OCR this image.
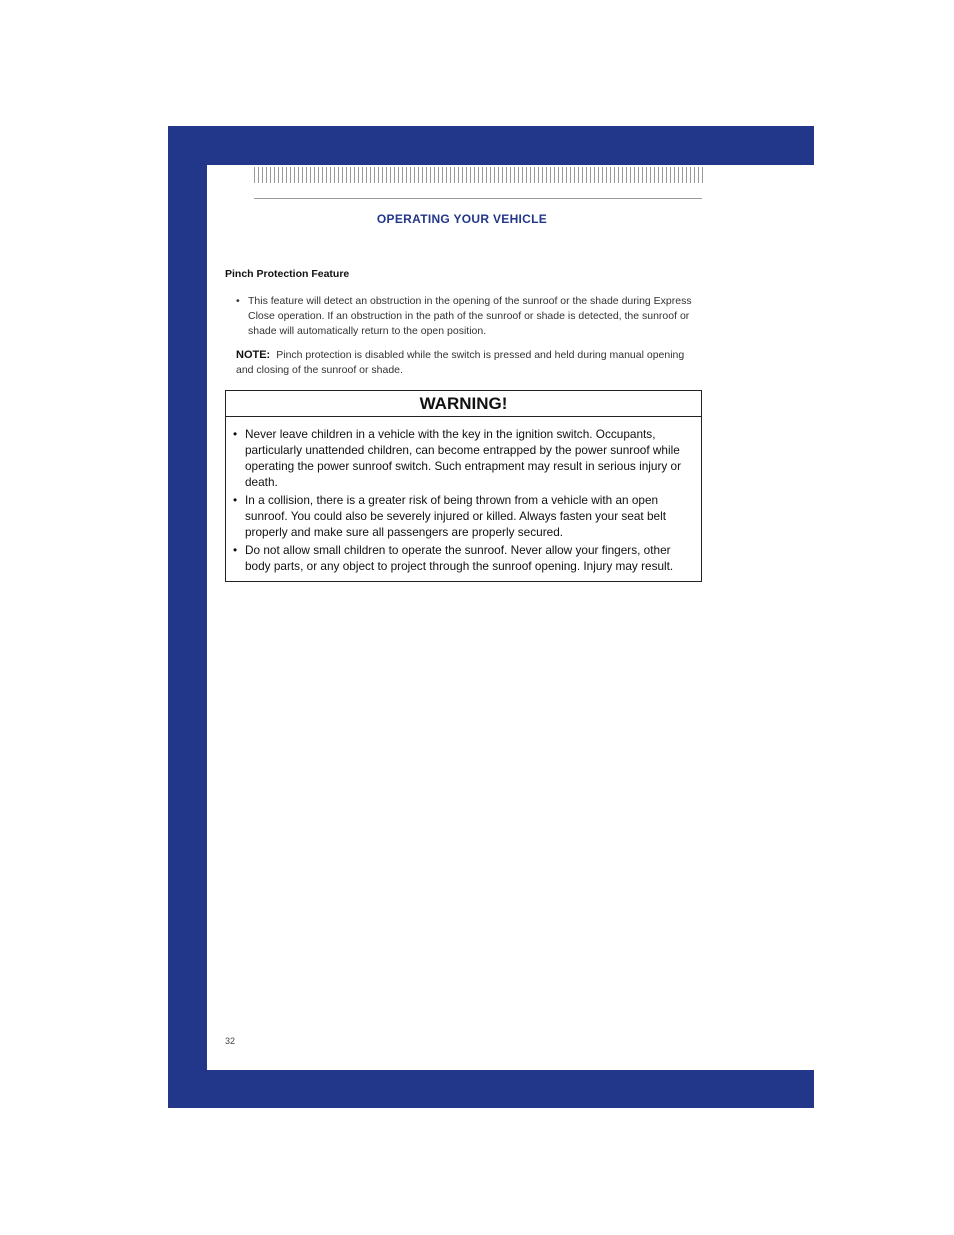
OPERATING YOUR VEHICLE
Pinch Protection Feature
• This feature will detect an obstruction in the opening of the sunroof or the shade during Express Close operation. If an obstruction in the path of the sunroof or shade is detected, the sunroof or shade will automatically return to the open position.
NOTE: Pinch protection is disabled while the switch is pressed and held during manual opening and closing of the sunroof or shade.
WARNING!
• Never leave children in a vehicle with the key in the ignition switch. Occupants, particularly unattended children, can become entrapped by the power sunroof while operating the power sunroof switch. Such entrapment may result in serious injury or death.
• In a collision, there is a greater risk of being thrown from a vehicle with an open sunroof. You could also be severely injured or killed. Always fasten your seat belt properly and make sure all passengers are properly secured.
• Do not allow small children to operate the sunroof. Never allow your fingers, other body parts, or any object to project through the sunroof opening. Injury may result.
32
